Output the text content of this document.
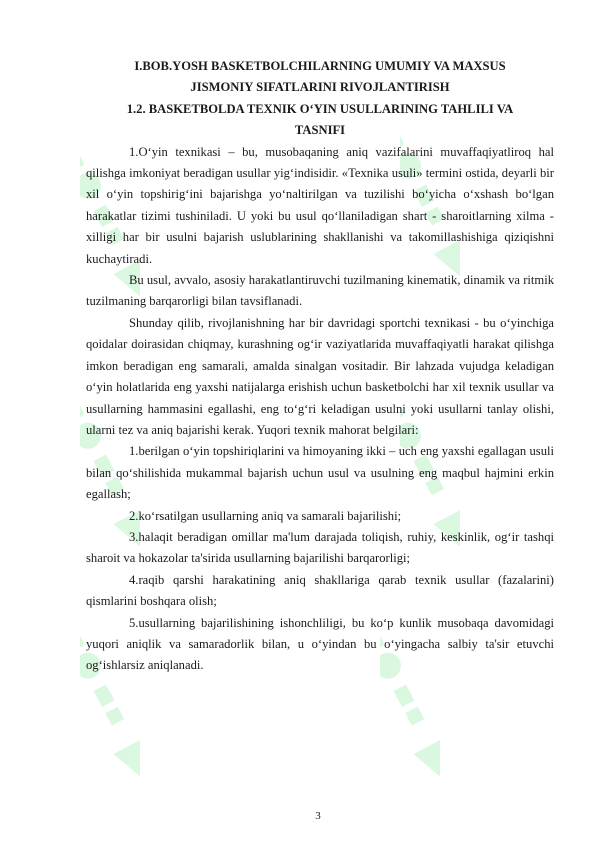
I.BOB.YOSH BASKETBOLCHILARNING UMUMIY VA MAXSUS
JISMONIY SIFATLARINI RIVOJLANTIRISH
1.2. BASKETBOLDA TEXNIK O‘YIN USULLARINING TAHLILI VA
TASNIFI

1.O‘yin texnikasi – bu, musobaqaning aniq vazifalarini muvaffaqiyatliroq hal qilishga imkoniyat beradigan usullar yig‘indisidir. «Texnika usuli» termini ostida, deyarli bir xil o‘yin topshirig‘ini bajarishga yo‘naltirilgan va tuzilishi bo‘yicha o‘xshash bo‘lgan harakatlar tizimi tushiniladi. U yoki bu usul qo‘llaniladigan shart - sharoitlarning xilma - xilligi har bir usulni bajarish uslublarining shakllanishi va takomillashishiga qiziqishni kuchaytiradi.

Bu usul, avvalo, asosiy harakatlantiruvchi tuzilmaning kinematik, dinamik va ritmik tuzilmaning barqarorligi bilan tavsiflanadi.

Shunday qilib, rivojlanishning har bir davridagi sportchi texnikasi - bu o‘yinchiga qoidalar doirasidan chiqmay, kurashning og‘ir vaziyatlarida muvaffaqiyatli harakat qilishga imkon beradigan eng samarali, amalda sinalgan vositadir. Bir lahzada vujudga keladigan o‘yin holatlarida eng yaxshi natijalarga erishish uchun basketbolchi har xil texnik usullar va usullarning hammasini egallashi, eng to‘g‘ri keladigan usulni yoki usullarni tanlay olishi, ularni tez va aniq bajarishi kerak. Yuqori texnik mahorat belgilari:

1.berilgan o‘yin topshiriqlarini va himoyaning ikki – uch eng yaxshi egallagan usuli bilan qo‘shilishida mukammal bajarish uchun usul va usulning eng maqbul hajmini erkin egallash;

2.ko‘rsatilgan usullarning aniq va samarali bajarilishi;

3.halaqit beradigan omillar ma'lum darajada toliqish, ruhiy, keskinlik, og‘ir tashqi sharoit va hokazolar ta'sirida usullarning bajarilishi barqarorligi;

4.raqib qarshi harakatining aniq shakllariga qarab texnik usullar (fazalarini) qismlarini boshqara olish;

5.usullarning bajarilishining ishonchliligi, bu ko‘p kunlik musobaqa davomidagi yuqori aniqlik va samaradorlik bilan, u o‘yindan bu o‘yingacha salbiy ta'sir etuvchi og‘ishlarsiz aniqlanadi.

3
